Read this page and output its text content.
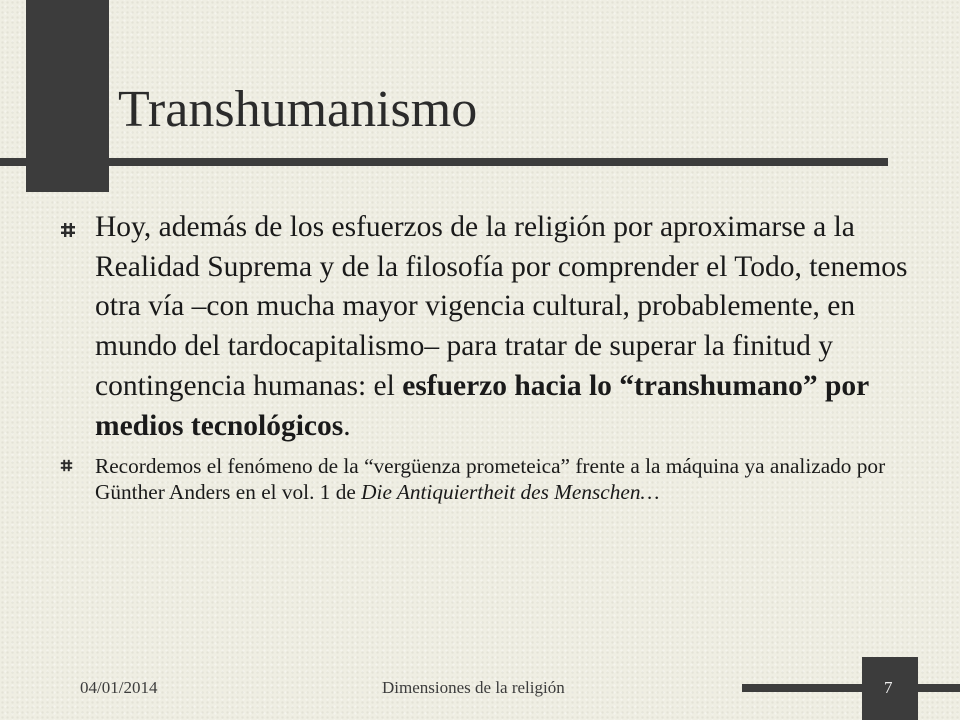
Transhumanismo
Hoy, además de los esfuerzos de la religión por aproximarse a la Realidad Suprema y de la filosofía por comprender el Todo, tenemos otra vía –con mucha mayor vigencia cultural, probablemente, en mundo del tardocapitalismo– para tratar de superar la finitud y contingencia humanas: el esfuerzo hacia lo “transhumano” por medios tecnológicos.
Recordemos el fenómeno de la “vergüenza prometeica” frente a la máquina ya analizado por Günther Anders en el vol. 1 de Die Antiquiertheit des Menschen…
04/01/2014	Dimensiones de la religión	7
